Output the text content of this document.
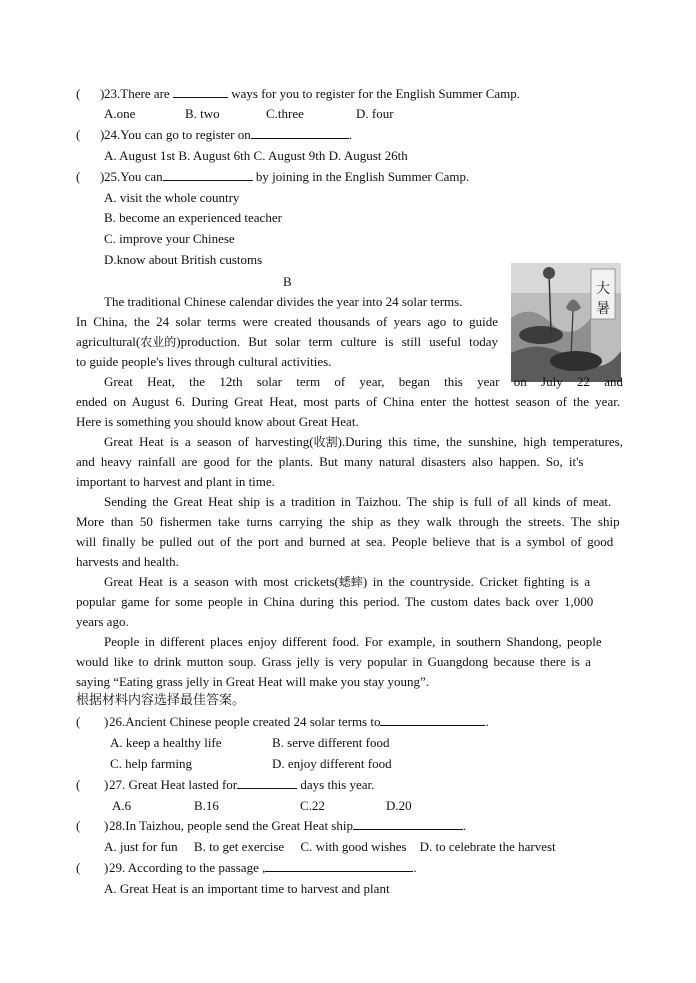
( ) 23.There are	ways for you to register for the English Summer Camp.
A.one	B. two	C.three	D. four
( ) 24.You can go to register on	.
A. August 1st B. August 6th C. August 9th D. August 26th
( ) 25.You can	by joining in the English Summer Camp.
A. visit the whole country
B. become an experienced teacher
C. improve your Chinese
D.know about British customs
B	大
暑
The traditional Chinese calendar divides the year into 24 solar terms.
In China, the 24 solar terms were created thousands of years ago to guide
agricultural(农业的)production. But solar term culture is still useful today
to guide people's lives through cultural activities.
Great Heat, the 12th solar term of year, began this year on July 22 and
ended on August 6. During Great Heat, most parts of China enter the hottest season of the year.
Here is something you should know about Great Heat.
Great Heat is a season of harvesting(收割).During this time, the sunshine, high temperatures,
and heavy rainfall are good for the plants. But many natural disasters also happen. So, it's
important to harvest and plant in time.
Sending the Great Heat ship is a tradition in Taizhou. The ship is full of all kinds of meat.
More than 50 fishermen take turns carrying the ship as they walk through the streets. The ship
will finally be pulled out of the port and burned at sea. People believe that is a symbol of good
harvests and health.
Great Heat is a season with most crickets(蟋蟀) in the countryside. Cricket fighting is a
popular game for some people in China during this period. The custom dates back over 1,000
years ago.
People in different places enjoy different food. For example, in southern Shandong, people
would like to drink mutton soup. Grass jelly is very popular in Guangdong because there is a
saying “Eating grass jelly in Great Heat will make you stay young”.
根据材料内容选择最佳答案。
( ) 26.Ancient Chinese people created 24 solar terms to	.
A. keep a healthy life	B. serve different food
C. help farming	D. enjoy different food
( ) 27. Great Heat lasted for	days this year.
A.6	B.16	C.22	D.20
( ) 28.In Taizhou, people send the Great Heat ship	.
A. just for fun     B. to get exercise     C. with good wishes    D. to celebrate the harvest
( ) 29. According to the passage ,	.
A. Great Heat is an important time to harvest and plant
